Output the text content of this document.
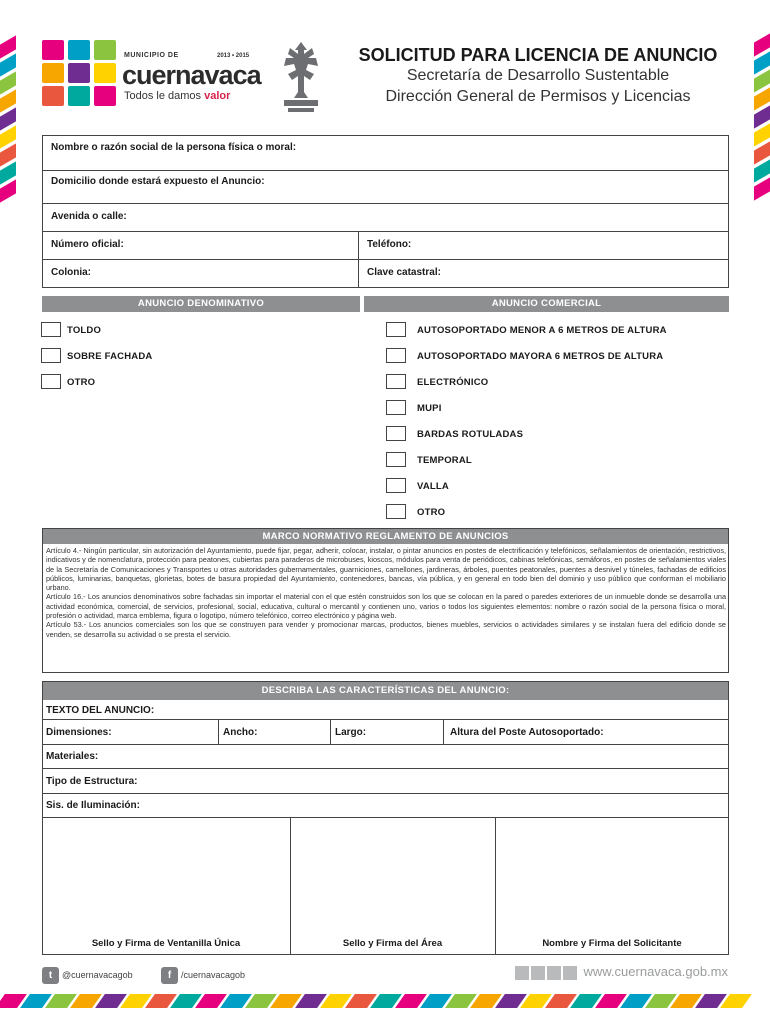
MUNICIPIO DE	2013 • 2015
cuernavaca
Todos le damos valor
SOLICITUD PARA LICENCIA DE ANUNCIO
Secretaría de Desarrollo Sustentable
Dirección General de Permisos y Licencias
Nombre o razón social de la persona física o moral:
Domicilio donde estará expuesto el Anuncio:
Avenida o calle:
Número oficial:	Teléfono:
Colonia:	Clave catastral:
ANUNCIO DENOMINATIVO	ANUNCIO COMERCIAL
TOLDO
SOBRE FACHADA
OTRO
AUTOSOPORTADO MENOR A 6 METROS DE ALTURA
AUTOSOPORTADO MAYORA 6 METROS DE ALTURA
ELECTRÓNICO
MUPI
BARDAS ROTULADAS
TEMPORAL
VALLA
OTRO
MARCO NORMATIVO REGLAMENTO DE ANUNCIOS
Artículo 4.- Ningún particular, sin autorización del Ayuntamiento, puede fijar, pegar, adherir, colocar, instalar, o pintar anuncios en postes de electrificación y telefónicos, señalamientos de orientación, restrictivos, indicativos y de nomenclatura, protección para peatones, cubiertas para paraderos de microbuses, kioscos, módulos para venta de periódicos, cabinas telefónicas, semáforos, en postes de señalamientos viales de la Secretaría de Comunicaciones y Transportes u otras autoridades gubernamentales, guarniciones, camellones, jardineras, árboles, puentes peatonales, puentes a desnivel y túneles, fachadas de edificios públicos, luminarias, banquetas, glorietas, botes de basura propiedad del Ayuntamiento, contenedores, bancas, vía pública, y en general en todo bien del dominio y uso público que conforman el mobiliario urbano.
Artículo 16.- Los anuncios denominativos sobre fachadas sin importar el material con el que estén construidos son los que se colocan en la pared o paredes exteriores de un inmueble donde se desarrolla una actividad económica, comercial, de servicios, profesional, social, educativa, cultural o mercantil y contienen uno, varios o todos los siguientes elementos: nombre o razón social de la persona física o moral, profesión o actividad, marca emblema, figura o logotipo, número telefónico, correo electrónico y página web.
Artículo 53.- Los anuncios comerciales son los que se construyen para vender y promocionar marcas, productos, bienes muebles, servicios o actividades similares y se instalan fuera del edificio donde se venden, se desarrolla su actividad o se presta el servicio.
DESCRIBA LAS CARACTERÍSTICAS DEL ANUNCIO:
TEXTO DEL ANUNCIO:
Dimensiones:	Ancho:	Largo:	Altura del Poste Autosoportado:
Materiales:
Tipo de Estructura:
Sis. de Iluminación:
Sello y Firma de Ventanilla Única	Sello y Firma del Área	Nombre y Firma del Solicitante
t	@cuernavacagob	f	/cuernavacagob	www.cuernavaca.gob.mx
